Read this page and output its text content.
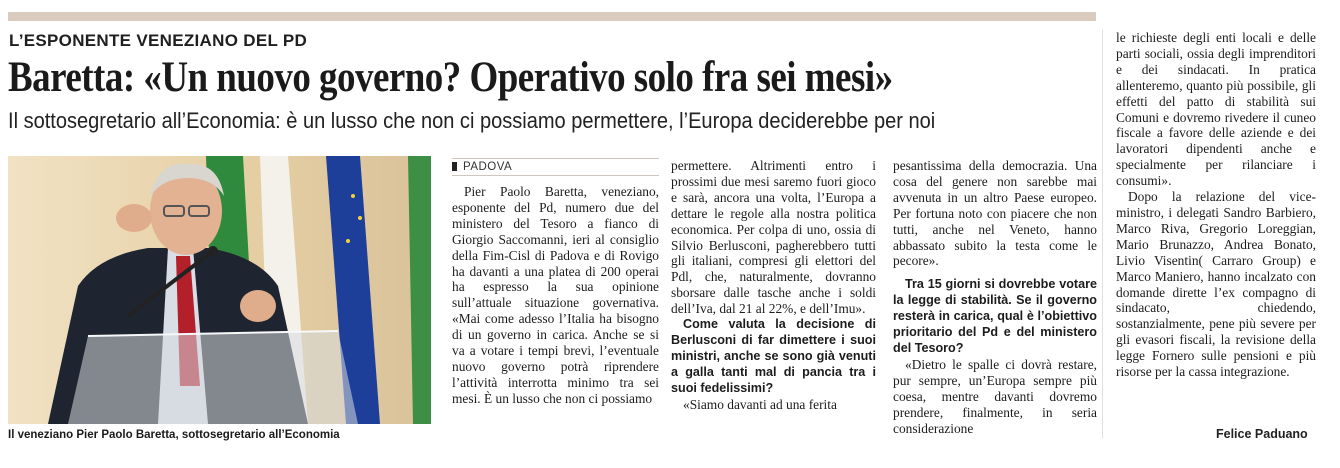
L’ESPONENTE VENEZIANO DEL PD
Baretta: «Un nuovo governo? Operativo solo fra sei mesi»
Il sottosegretario all’Economia: è un lusso che non ci possiamo permettere, l’Europa deciderebbe per noi
Il veneziano Pier Paolo Baretta, sottosegretario all’Economia
PADOVA

Pier Paolo Baretta, veneziano, esponente del Pd, numero due del ministero del Tesoro a fianco di Giorgio Saccomanni, ieri al consiglio della Fim-Cisl di Padova e di Rovigo ha davanti a una platea di 200 operai ha espresso la sua opinione sull’attuale situazione governativa. «Mai come adesso l’Italia ha bisogno di un governo in carica. Anche se si va a votare i tempi brevi, l’eventuale nuovo governo potrà riprendere l’attività interrotta minimo tra sei mesi. È un lusso che non ci possiamo

permettere. Altrimenti entro i prossimi due mesi saremo fuori gioco e sarà, ancora una volta, l’Europa a dettare le regole alla nostra politica economica. Per colpa di uno, ossia di Silvio Berlusconi, pagherebbero tutti gli italiani, compresi gli elettori del Pdl, che, naturalmente, dovranno sborsare dalle tasche anche i soldi dell’Iva, dal 21 al 22%, e dell’Imu».

Come valuta la decisione di Berlusconi di far dimettere i suoi ministri, anche se sono già venuti a galla tanti mal di pancia tra i suoi fedelissimi?

«Siamo davanti ad una ferita

pesantissima della democrazia. Una cosa del genere non sarebbe mai avvenuta in un altro Paese europeo. Per fortuna noto con piacere che non tutti, anche nel Veneto, hanno abbassato subito la testa come le pecore».

Tra 15 giorni si dovrebbe votare la legge di stabilità. Se il governo resterà in carica, qual è l’obiettivo prioritario del Pd e del ministero del Tesoro?

«Dietro le spalle ci dovrà restare, pur sempre, un’Europa sempre più coesa, mentre davanti dovremo prendere, finalmente, in seria considerazione

le richieste degli enti locali e delle parti sociali, ossia degli imprenditori e dei sindacati. In pratica allenteremo, quanto più possibile, gli effetti del patto di stabilità sui Comuni e dovremo rivedere il cuneo fiscale a favore delle aziende e dei lavoratori dipendenti anche e specialmente per rilanciare i consumi».

Dopo la relazione del vice-ministro, i delegati Sandro Barbiero, Marco Riva, Gregorio Loreggian, Mario Brunazzo, Andrea Bonato, Livio Visentin( Carraro Group) e Marco Maniero, hanno incalzato con domande dirette l’ex compagno di sindacato, chiedendo, sostanzialmente, pene più severe per gli evasori fiscali, la revisione della legge Fornero sulle pensioni e più risorse per la cassa integrazione.

Felice Paduano
